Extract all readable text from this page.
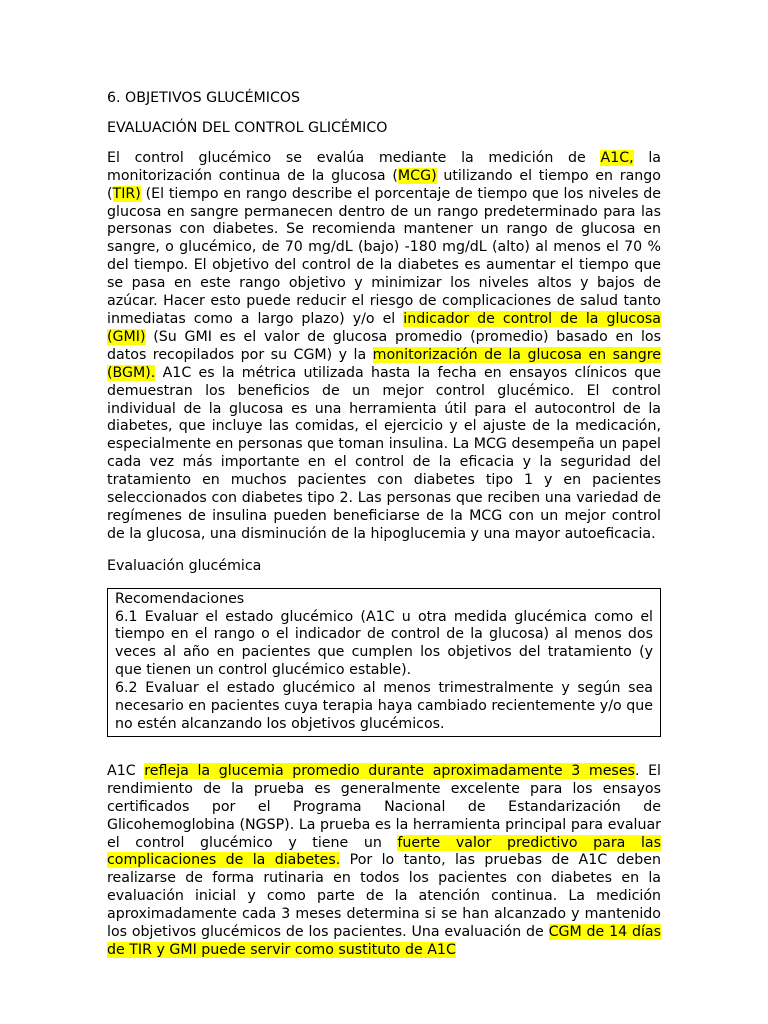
6. OBJETIVOS GLUCÉMICOS

EVALUACIÓN DEL CONTROL GLICÉMICO

El control glucémico se evalúa mediante la medición de A1C, la monitorización continua de la glucosa (MCG) utilizando el tiempo en rango (TIR) (El tiempo en rango describe el porcentaje de tiempo que los niveles de glucosa en sangre permanecen dentro de un rango predeterminado para las personas con diabetes. Se recomienda mantener un rango de glucosa en sangre, o glucémico, de 70 mg/dL (bajo) -180 mg/dL (alto) al menos el 70 % del tiempo. El objetivo del control de la diabetes es aumentar el tiempo que se pasa en este rango objetivo y minimizar los niveles altos y bajos de azúcar. Hacer esto puede reducir el riesgo de complicaciones de salud tanto inmediatas como a largo plazo) y/o el indicador de control de la glucosa (GMI) (Su GMI es el valor de glucosa promedio (promedio) basado en los datos recopilados por su CGM) y la monitorización de la glucosa en sangre (BGM). A1C es la métrica utilizada hasta la fecha en ensayos clínicos que demuestran los beneficios de un mejor control glucémico. El control individual de la glucosa es una herramienta útil para el autocontrol de la diabetes, que incluye las comidas, el ejercicio y el ajuste de la medicación, especialmente en personas que toman insulina. La MCG desempeña un papel cada vez más importante en el control de la eficacia y la seguridad del tratamiento en muchos pacientes con diabetes tipo 1 y en pacientes seleccionados con diabetes tipo 2. Las personas que reciben una variedad de regímenes de insulina pueden beneficiarse de la MCG con un mejor control de la glucosa, una disminución de la hipoglucemia y una mayor autoeficacia.

Evaluación glucémica

Recomendaciones

6.1 Evaluar el estado glucémico (A1C u otra medida glucémica como el tiempo en el rango o el indicador de control de la glucosa) al menos dos veces al año en pacientes que cumplen los objetivos del tratamiento (y que tienen un control glucémico estable).

6.2 Evaluar el estado glucémico al menos trimestralmente y según sea necesario en pacientes cuya terapia haya cambiado recientemente y/o que no estén alcanzando los objetivos glucémicos.

A1C refleja la glucemia promedio durante aproximadamente 3 meses. El rendimiento de la prueba es generalmente excelente para los ensayos certificados por el Programa Nacional de Estandarización de Glicohemoglobina (NGSP). La prueba es la herramienta principal para evaluar el control glucémico y tiene un fuerte valor predictivo para las complicaciones de la diabetes. Por lo tanto, las pruebas de A1C deben realizarse de forma rutinaria en todos los pacientes con diabetes en la evaluación inicial y como parte de la atención continua. La medición aproximadamente cada 3 meses determina si se han alcanzado y mantenido los objetivos glucémicos de los pacientes. Una evaluación de CGM de 14 días de TIR y GMI puede servir como sustituto de A1C
